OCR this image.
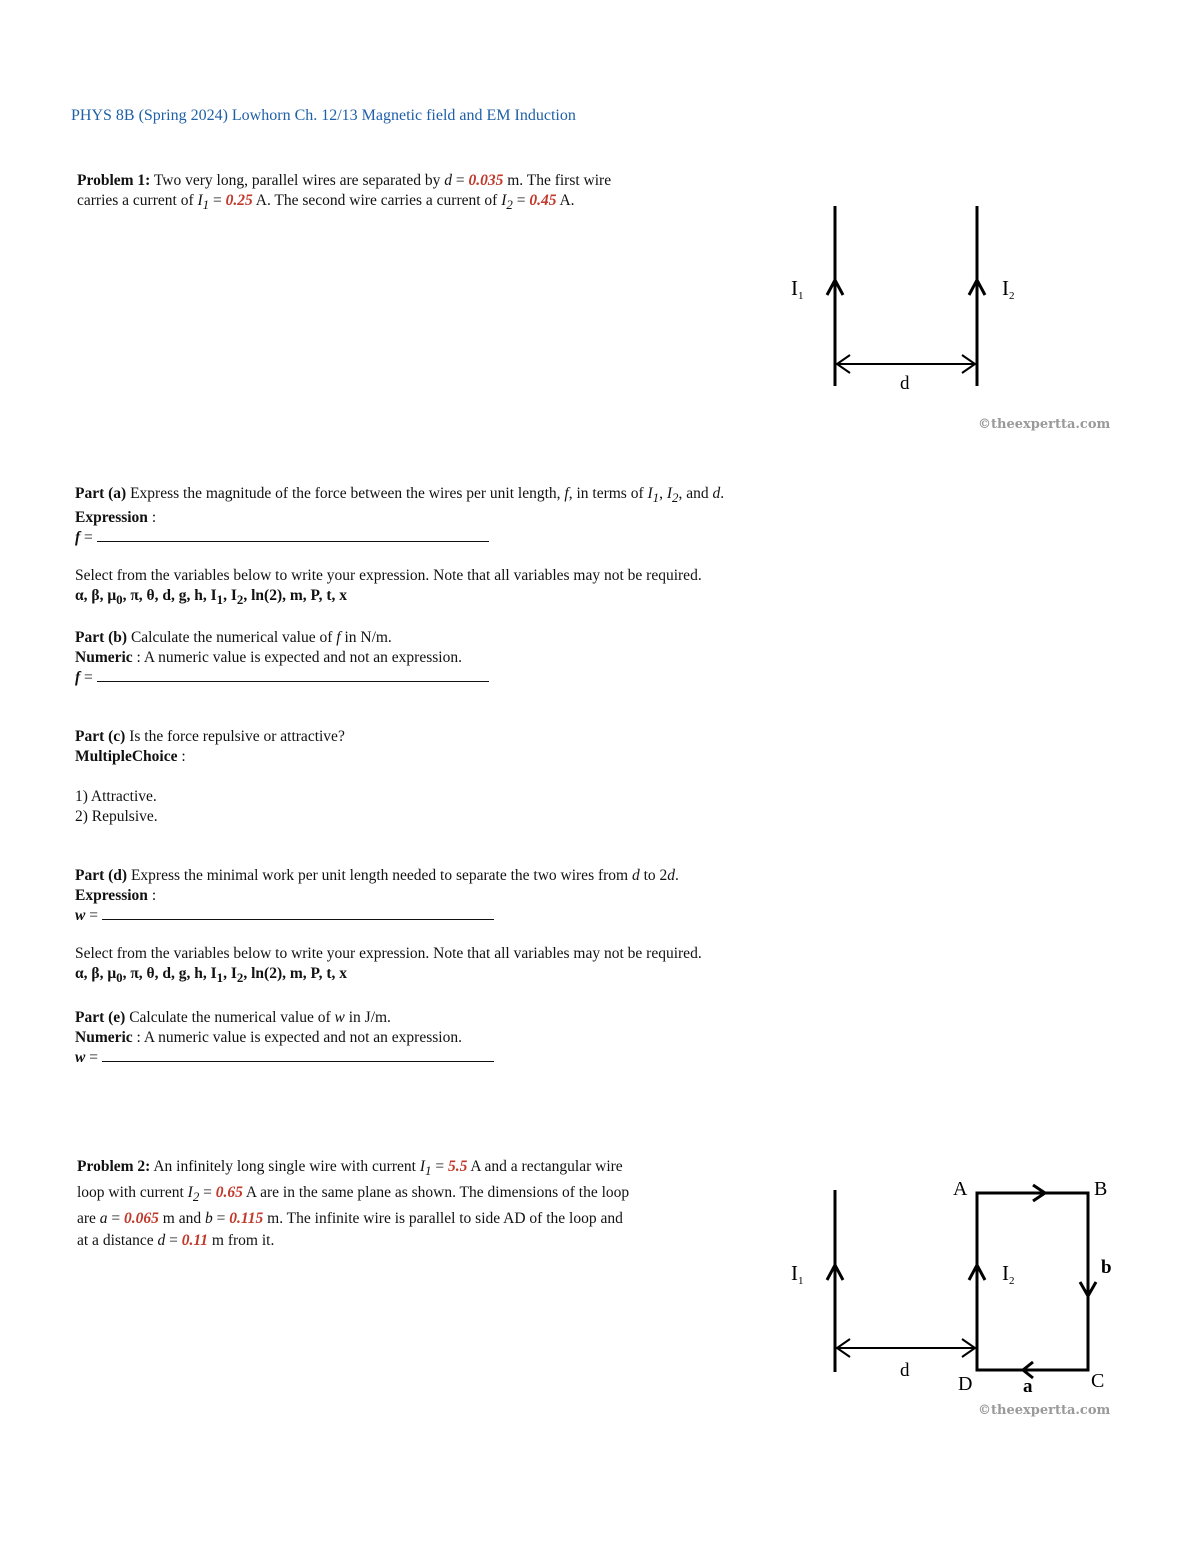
PHYS 8B (Spring 2024) Lowhorn Ch. 12/13 Magnetic field and EM Induction

Problem 1: Two very long, parallel wires are separated by d = 0.035 m. The first wire

carries a current of $I_1 = 0.25$ A. The second wire carries a current of $I_2 = 0.45$ A.

I1	I2
d
©theexpertta.com

Part (a) Express the magnitude of the force between the wires per unit length, f, in terms of $I_1$, $I_2$, and d.

Expression :

f =

Select from the variables below to write your expression. Note that all variables may not be required.

α, β, $\mu_0$, π, θ, d, g, h, $I_1$, $I_2$, ln(2), m, P, t, x

Part (b) Calculate the numerical value of f in N/m.

Numeric : A numeric value is expected and not an expression.

f =

Part (c) Is the force repulsive or attractive?

MultipleChoice :

1) Attractive.

2) Repulsive.

Part (d) Express the minimal work per unit length needed to separate the two wires from d to 2d.

Expression :

w =

Select from the variables below to write your expression. Note that all variables may not be required.

α, β, $\mu_0$, π, θ, d, g, h, $I_1$, $I_2$, ln(2), m, P, t, x

Part (e) Calculate the numerical value of w in J/m.

Numeric : A numeric value is expected and not an expression.

w =

Problem 2: An infinitely long single wire with current $I_1 = 5.5$ A and a rectangular wire

loop with current $I_2 = 0.65$ A are in the same plane as shown. The dimensions of the loop

are a = 0.065 m and b = 0.115 m. The infinite wire is parallel to side AD of the loop and

at a distance d = 0.11 m from it.

I1	I2
d
A	B
C
D
b
a
©theexpertta.com
